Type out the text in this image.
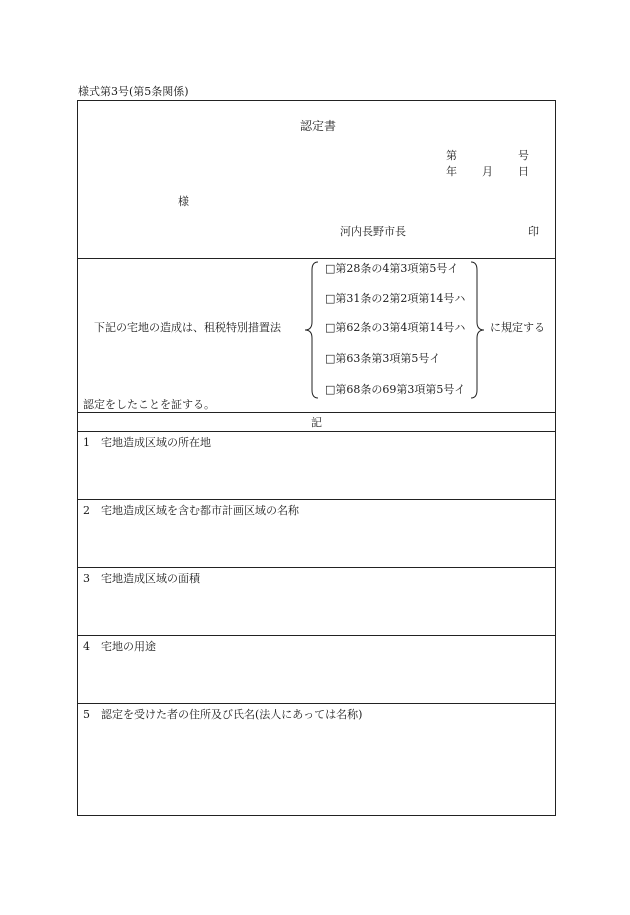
様式第3号(第5条関係)
認定書
第	号
年 月 日
様
河内長野市長	印
下記の宅地の造成は、租税特別措置法
□第28条の4第3項第5号イ
□第31条の2第2項第14号ハ
□第62条の3第4項第14号ハ
□第63条第3項第5号イ
□第68条の69第3項第5号イ
に規定する
認定をしたことを証する。
記
1 宅地造成区域の所在地
2 宅地造成区域を含む都市計画区域の名称
3 宅地造成区域の面積
4 宅地の用途
5 認定を受けた者の住所及び氏名(法人にあっては名称)
